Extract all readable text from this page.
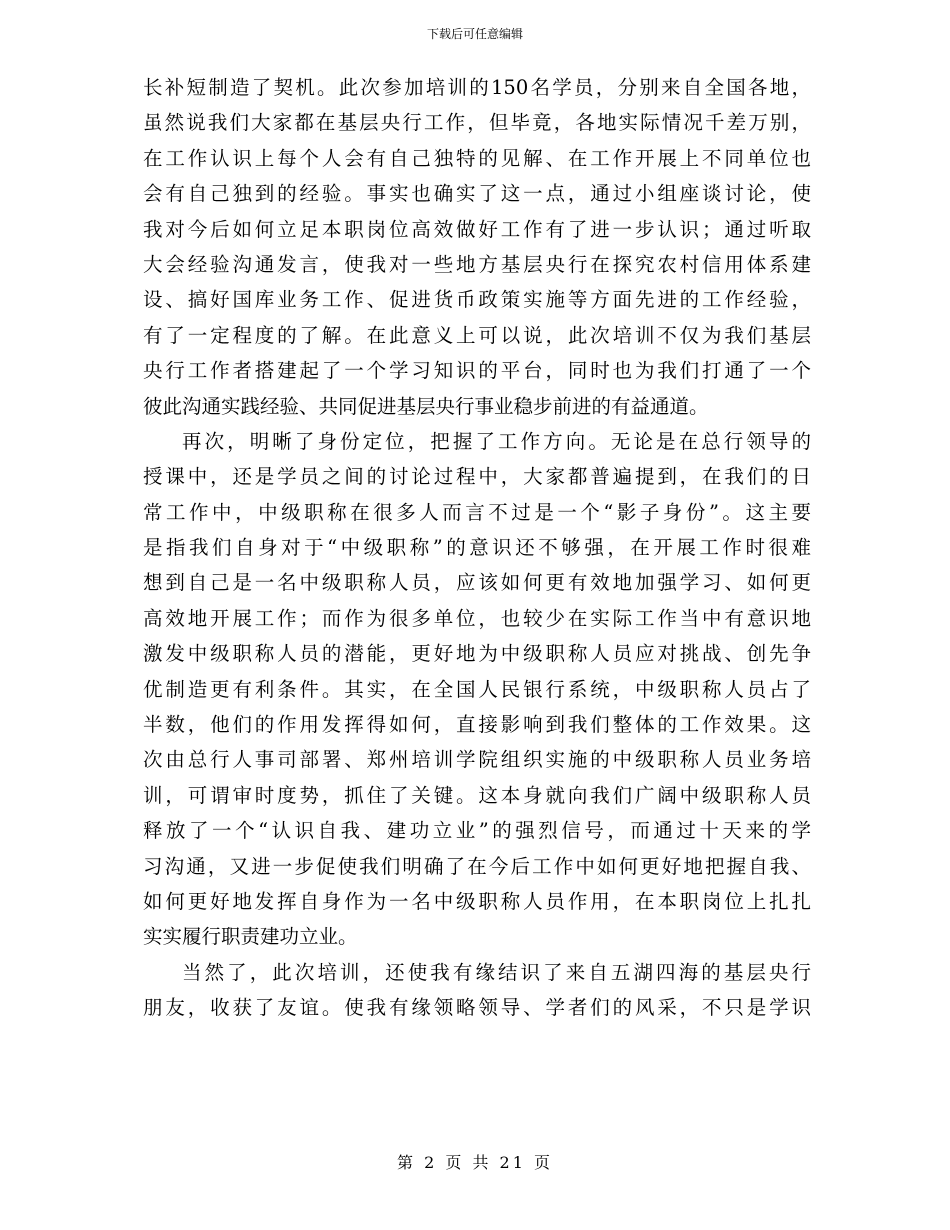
下载后可任意编辑
长补短制造了契机。此次参加培训的150名学员，分别来自全国各地，
虽然说我们大家都在基层央行工作，但毕竟，各地实际情况千差万别，
在工作认识上每个人会有自己独特的见解、在工作开展上不同单位也
会有自己独到的经验。事实也确实了这一点，通过小组座谈讨论，使
我对今后如何立足本职岗位高效做好工作有了进一步认识；通过听取
大会经验沟通发言，使我对一些地方基层央行在探究农村信用体系建
设、搞好国库业务工作、促进货币政策实施等方面先进的工作经验，
有了一定程度的了解。在此意义上可以说，此次培训不仅为我们基层
央行工作者搭建起了一个学习知识的平台，同时也为我们打通了一个
彼此沟通实践经验、共同促进基层央行事业稳步前进的有益通道。
再次，明晰了身份定位，把握了工作方向。无论是在总行领导的
授课中，还是学员之间的讨论过程中，大家都普遍提到，在我们的日
常工作中，中级职称在很多人而言不过是一个“影子身份”。这主要
是指我们自身对于“中级职称”的意识还不够强，在开展工作时很难
想到自己是一名中级职称人员，应该如何更有效地加强学习、如何更
高效地开展工作；而作为很多单位，也较少在实际工作当中有意识地
激发中级职称人员的潜能，更好地为中级职称人员应对挑战、创先争
优制造更有利条件。其实，在全国人民银行系统，中级职称人员占了
半数，他们的作用发挥得如何，直接影响到我们整体的工作效果。这
次由总行人事司部署、郑州培训学院组织实施的中级职称人员业务培
训，可谓审时度势，抓住了关键。这本身就向我们广阔中级职称人员
释放了一个“认识自我、建功立业”的强烈信号，而通过十天来的学
习沟通，又进一步促使我们明确了在今后工作中如何更好地把握自我、
如何更好地发挥自身作为一名中级职称人员作用，在本职岗位上扎扎
实实履行职责建功立业。
当然了，此次培训，还使我有缘结识了来自五湖四海的基层央行
朋友，收获了友谊。使我有缘领略领导、学者们的风采，不只是学识
第 2 页 共 21 页
